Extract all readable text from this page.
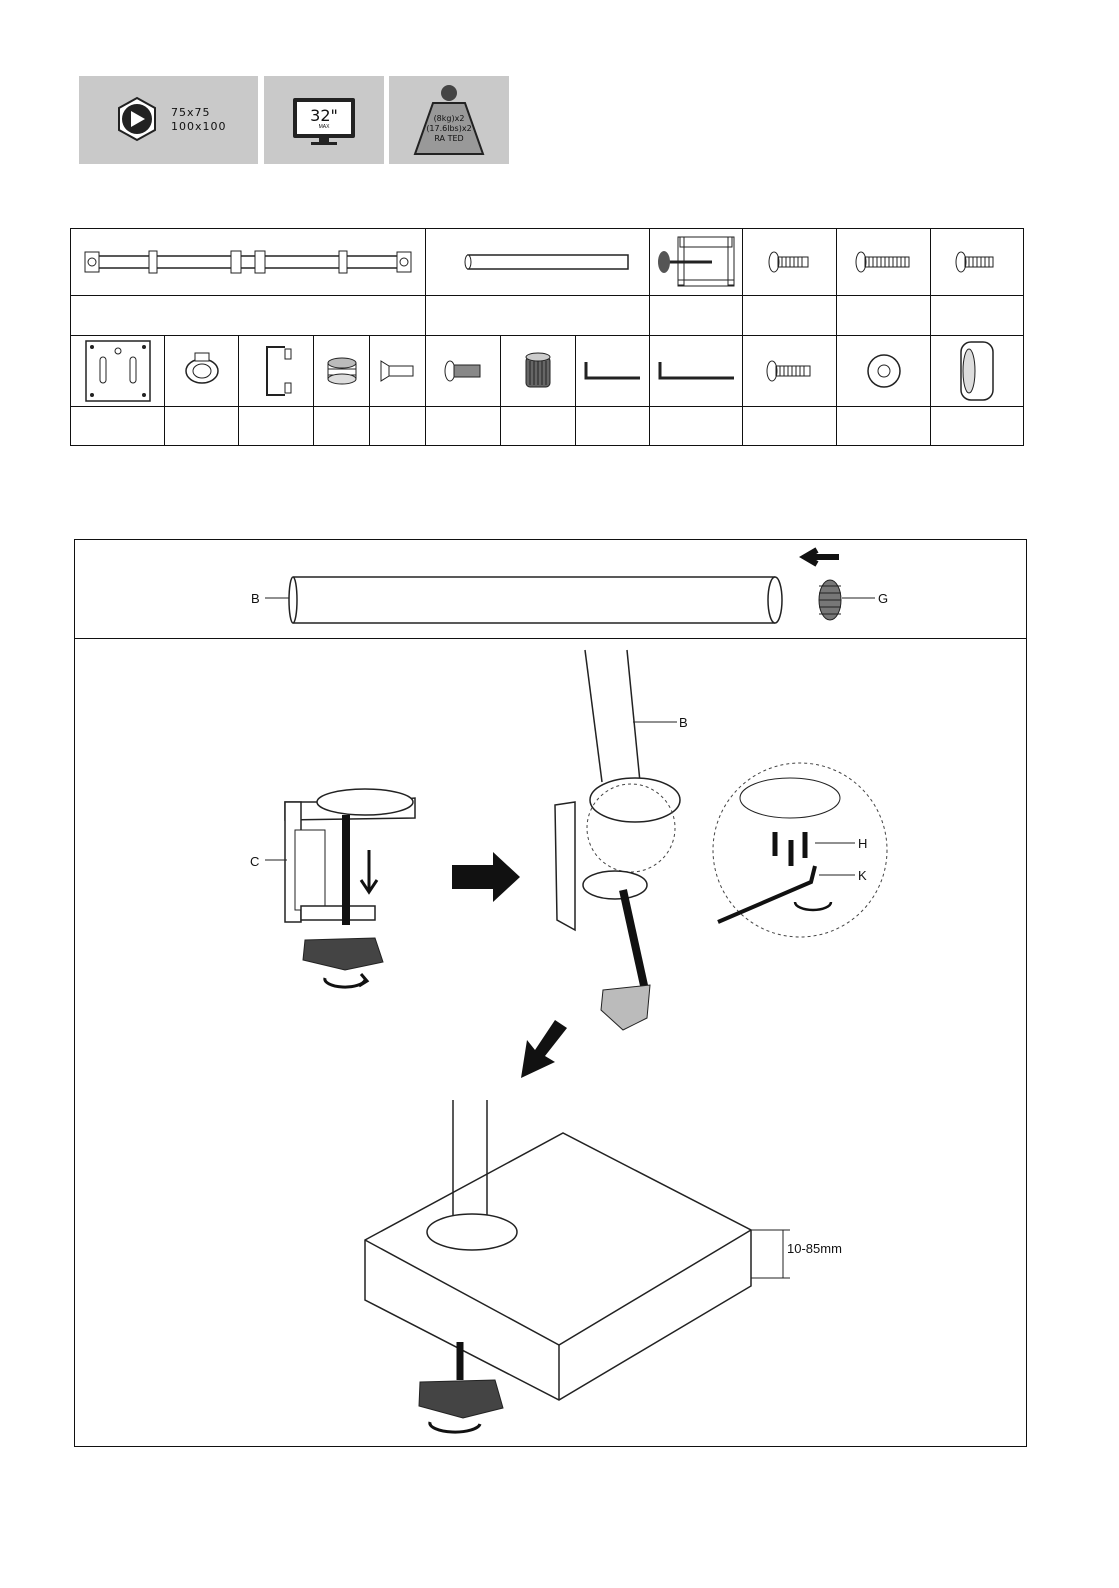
75x75
100x100
32"
MAX
(8kg)x2
(17.6lbs)x2
RA TED

B	G
C
B
H
K
10-85mm
